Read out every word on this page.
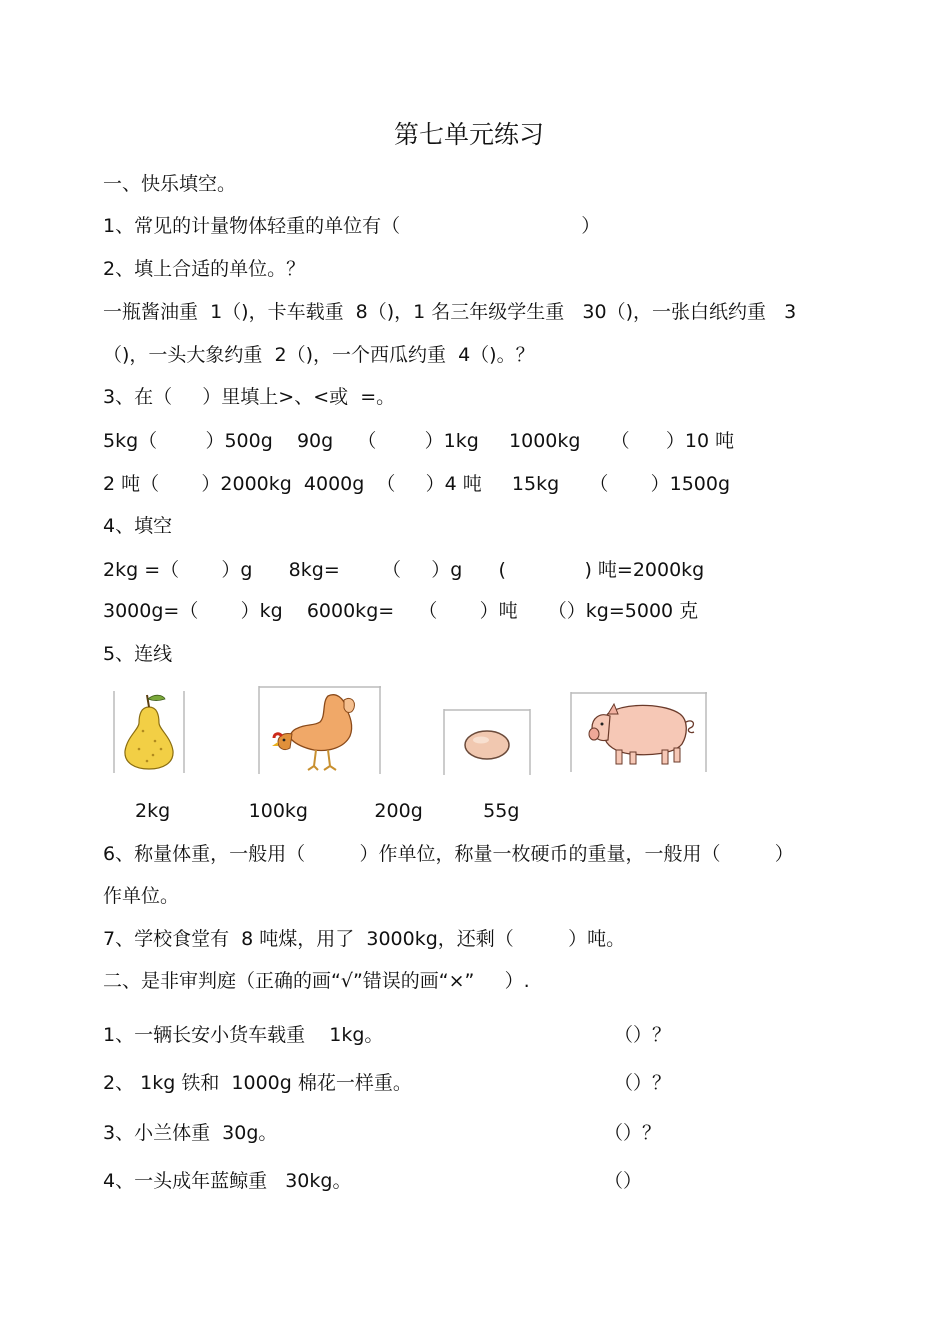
第七单元练习
一、快乐填空。
1、常见的计量物体轻重的单位有（                              ）
2、填上合适的单位。？
一瓶酱油重  1（)，卡车载重  8（)，1 名三年级学生重   30（)，一张白纸约重   3
（)，一头大象约重  2（)，一个西瓜约重  4（)。？
3、在（     ）里填上>、<或  =。
5kg（        ）500g    90g    （        ）1kg     1000kg     （      ）10 吨
2 吨（       ）2000kg  4000g  （     ）4 吨     15kg     （       ）1500g
4、填空
2kg =（       ）g      8kg=       （     ）g      (             ) 吨=2000kg
3000g=（       ）kg    6000kg=    （       ）吨     （）kg=5000 克
5、连线
2kg             100kg           200g          55g
6、称量体重，一般用（         ）作单位，称量一枚硬币的重量，一般用（         ）
作单位。
7、学校食堂有  8 吨煤，用了  3000kg，还剩（         ）吨。
二、是非审判庭（正确的画“√”错误的画“×”     ）.
1、一辆长安小货车载重    1kg。	（）？
2、 1kg 铁和  1000g 棉花一样重。	（）？
3、小兰体重  30g。	（）？
4、一头成年蓝鲸重   30kg。	（）
